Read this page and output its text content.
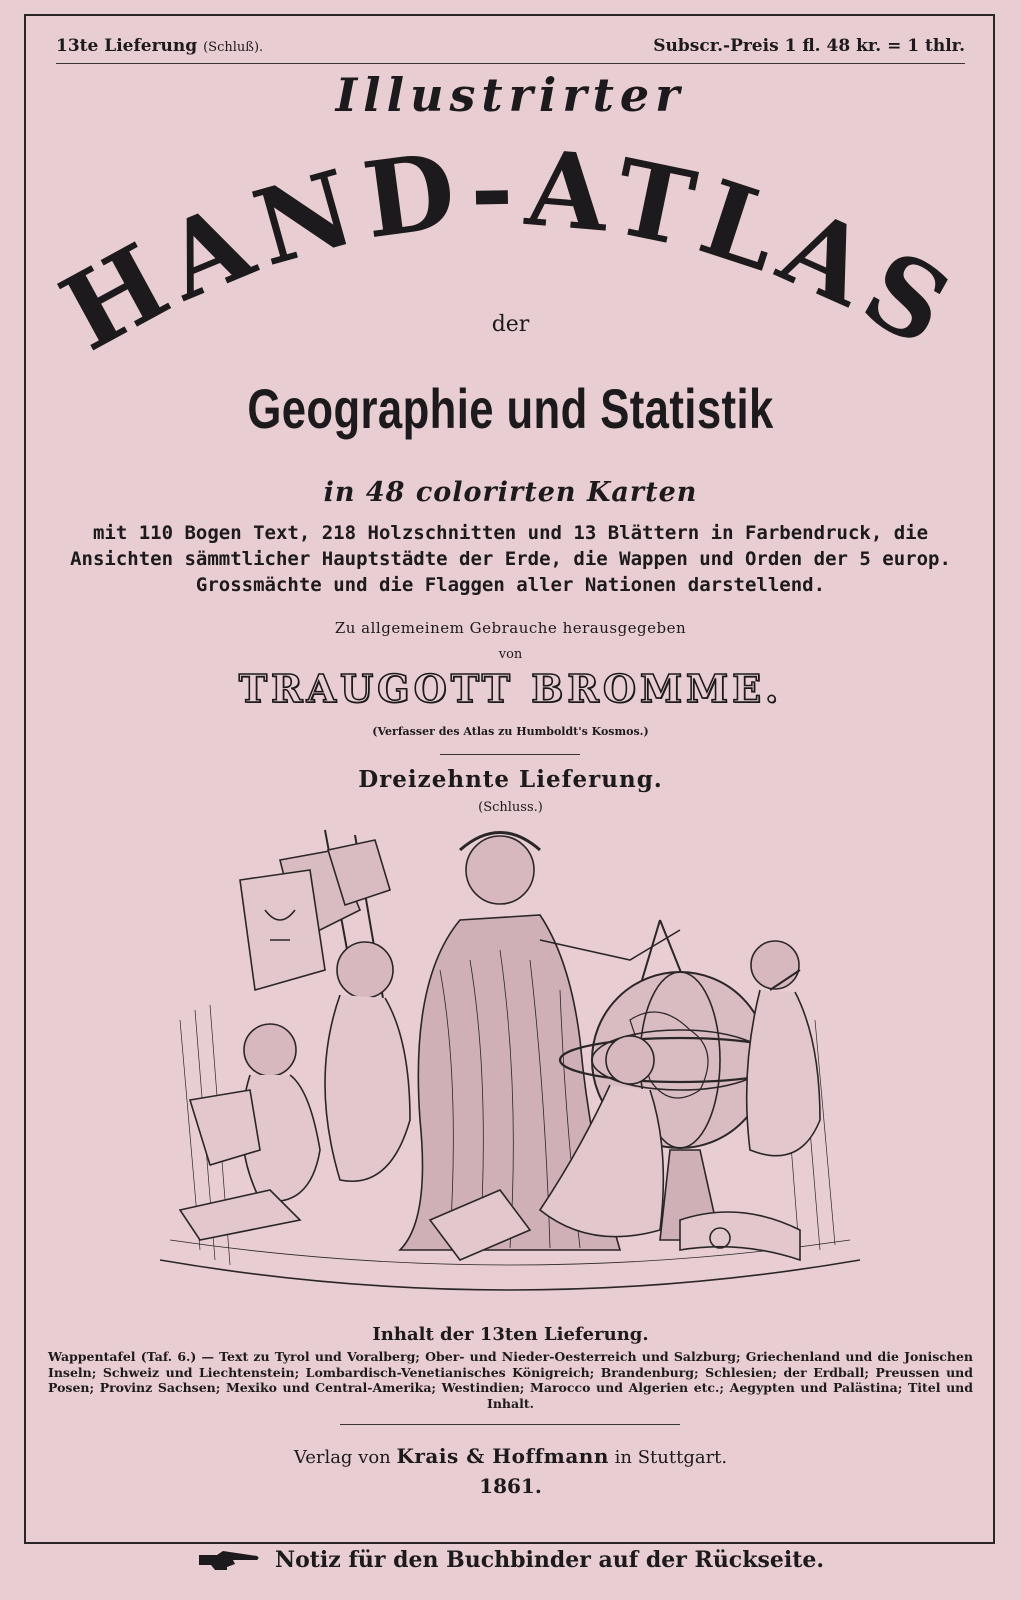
13te Lieferung (Schluß).	Subscr.-Preis 1 fl. 48 kr. = 1 thlr.
Illustrirter
HAND-ATLAS
der
Geographie und Statistik
in 48 colorirten Karten
mit 110 Bogen Text, 218 Holzschnitten und 13 Blättern in Farbendruck, die Ansichten sämmtlicher Hauptstädte der Erde, die Wappen und Orden der 5 europ. Grossmächte und die Flaggen aller Nationen darstellend.
Zu allgemeinem Gebrauche herausgegeben
von
TRAUGOTT BROMME.
(Verfasser des Atlas zu Humboldt's Kosmos.)
Dreizehnte Lieferung.
(Schluss.)
Inhalt der 13ten Lieferung.
Wappentafel (Taf. 6.) — Text zu Tyrol und Voralberg; Ober- und Nieder-Oesterreich und Salzburg; Griechenland und die Jonischen Inseln; Schweiz und Liechtenstein; Lombardisch-Venetianisches Königreich; Brandenburg; Schlesien; der Erdball; Preussen und Posen; Provinz Sachsen; Mexiko und Central-Amerika; Westindien; Marocco und Algerien etc.; Aegypten und Palästina; Titel und Inhalt.
Verlag von Krais & Hoffmann in Stuttgart.
1861.
Notiz für den Buchbinder auf der Rückseite.
